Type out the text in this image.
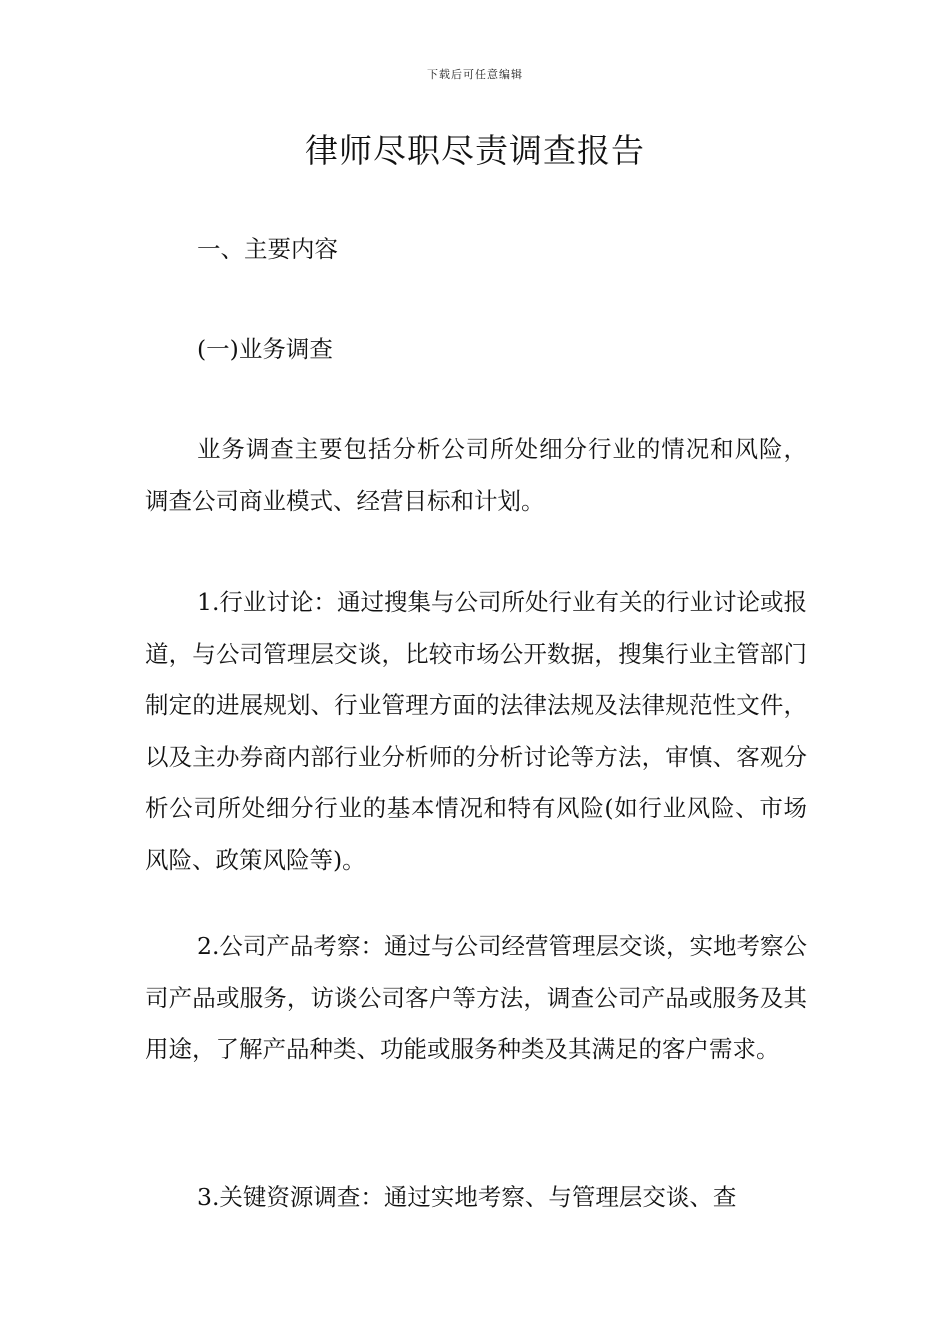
下载后可任意编辑
律师尽职尽责调查报告

一、主要内容

(一)业务调查

业务调查主要包括分析公司所处细分行业的情况和风险，调查公司商业模式、经营目标和计划。

1.行业讨论：通过搜集与公司所处行业有关的行业讨论或报道，与公司管理层交谈，比较市场公开数据，搜集行业主管部门制定的进展规划、行业管理方面的法律法规及法律规范性文件，以及主办券商内部行业分析师的分析讨论等方法，审慎、客观分析公司所处细分行业的基本情况和特有风险(如行业风险、市场风险、政策风险等)。

2.公司产品考察：通过与公司经营管理层交谈，实地考察公司产品或服务，访谈公司客户等方法，调查公司产品或服务及其用途，了解产品种类、功能或服务种类及其满足的客户需求。

3.关键资源调查：通过实地考察、与管理层交谈、查
